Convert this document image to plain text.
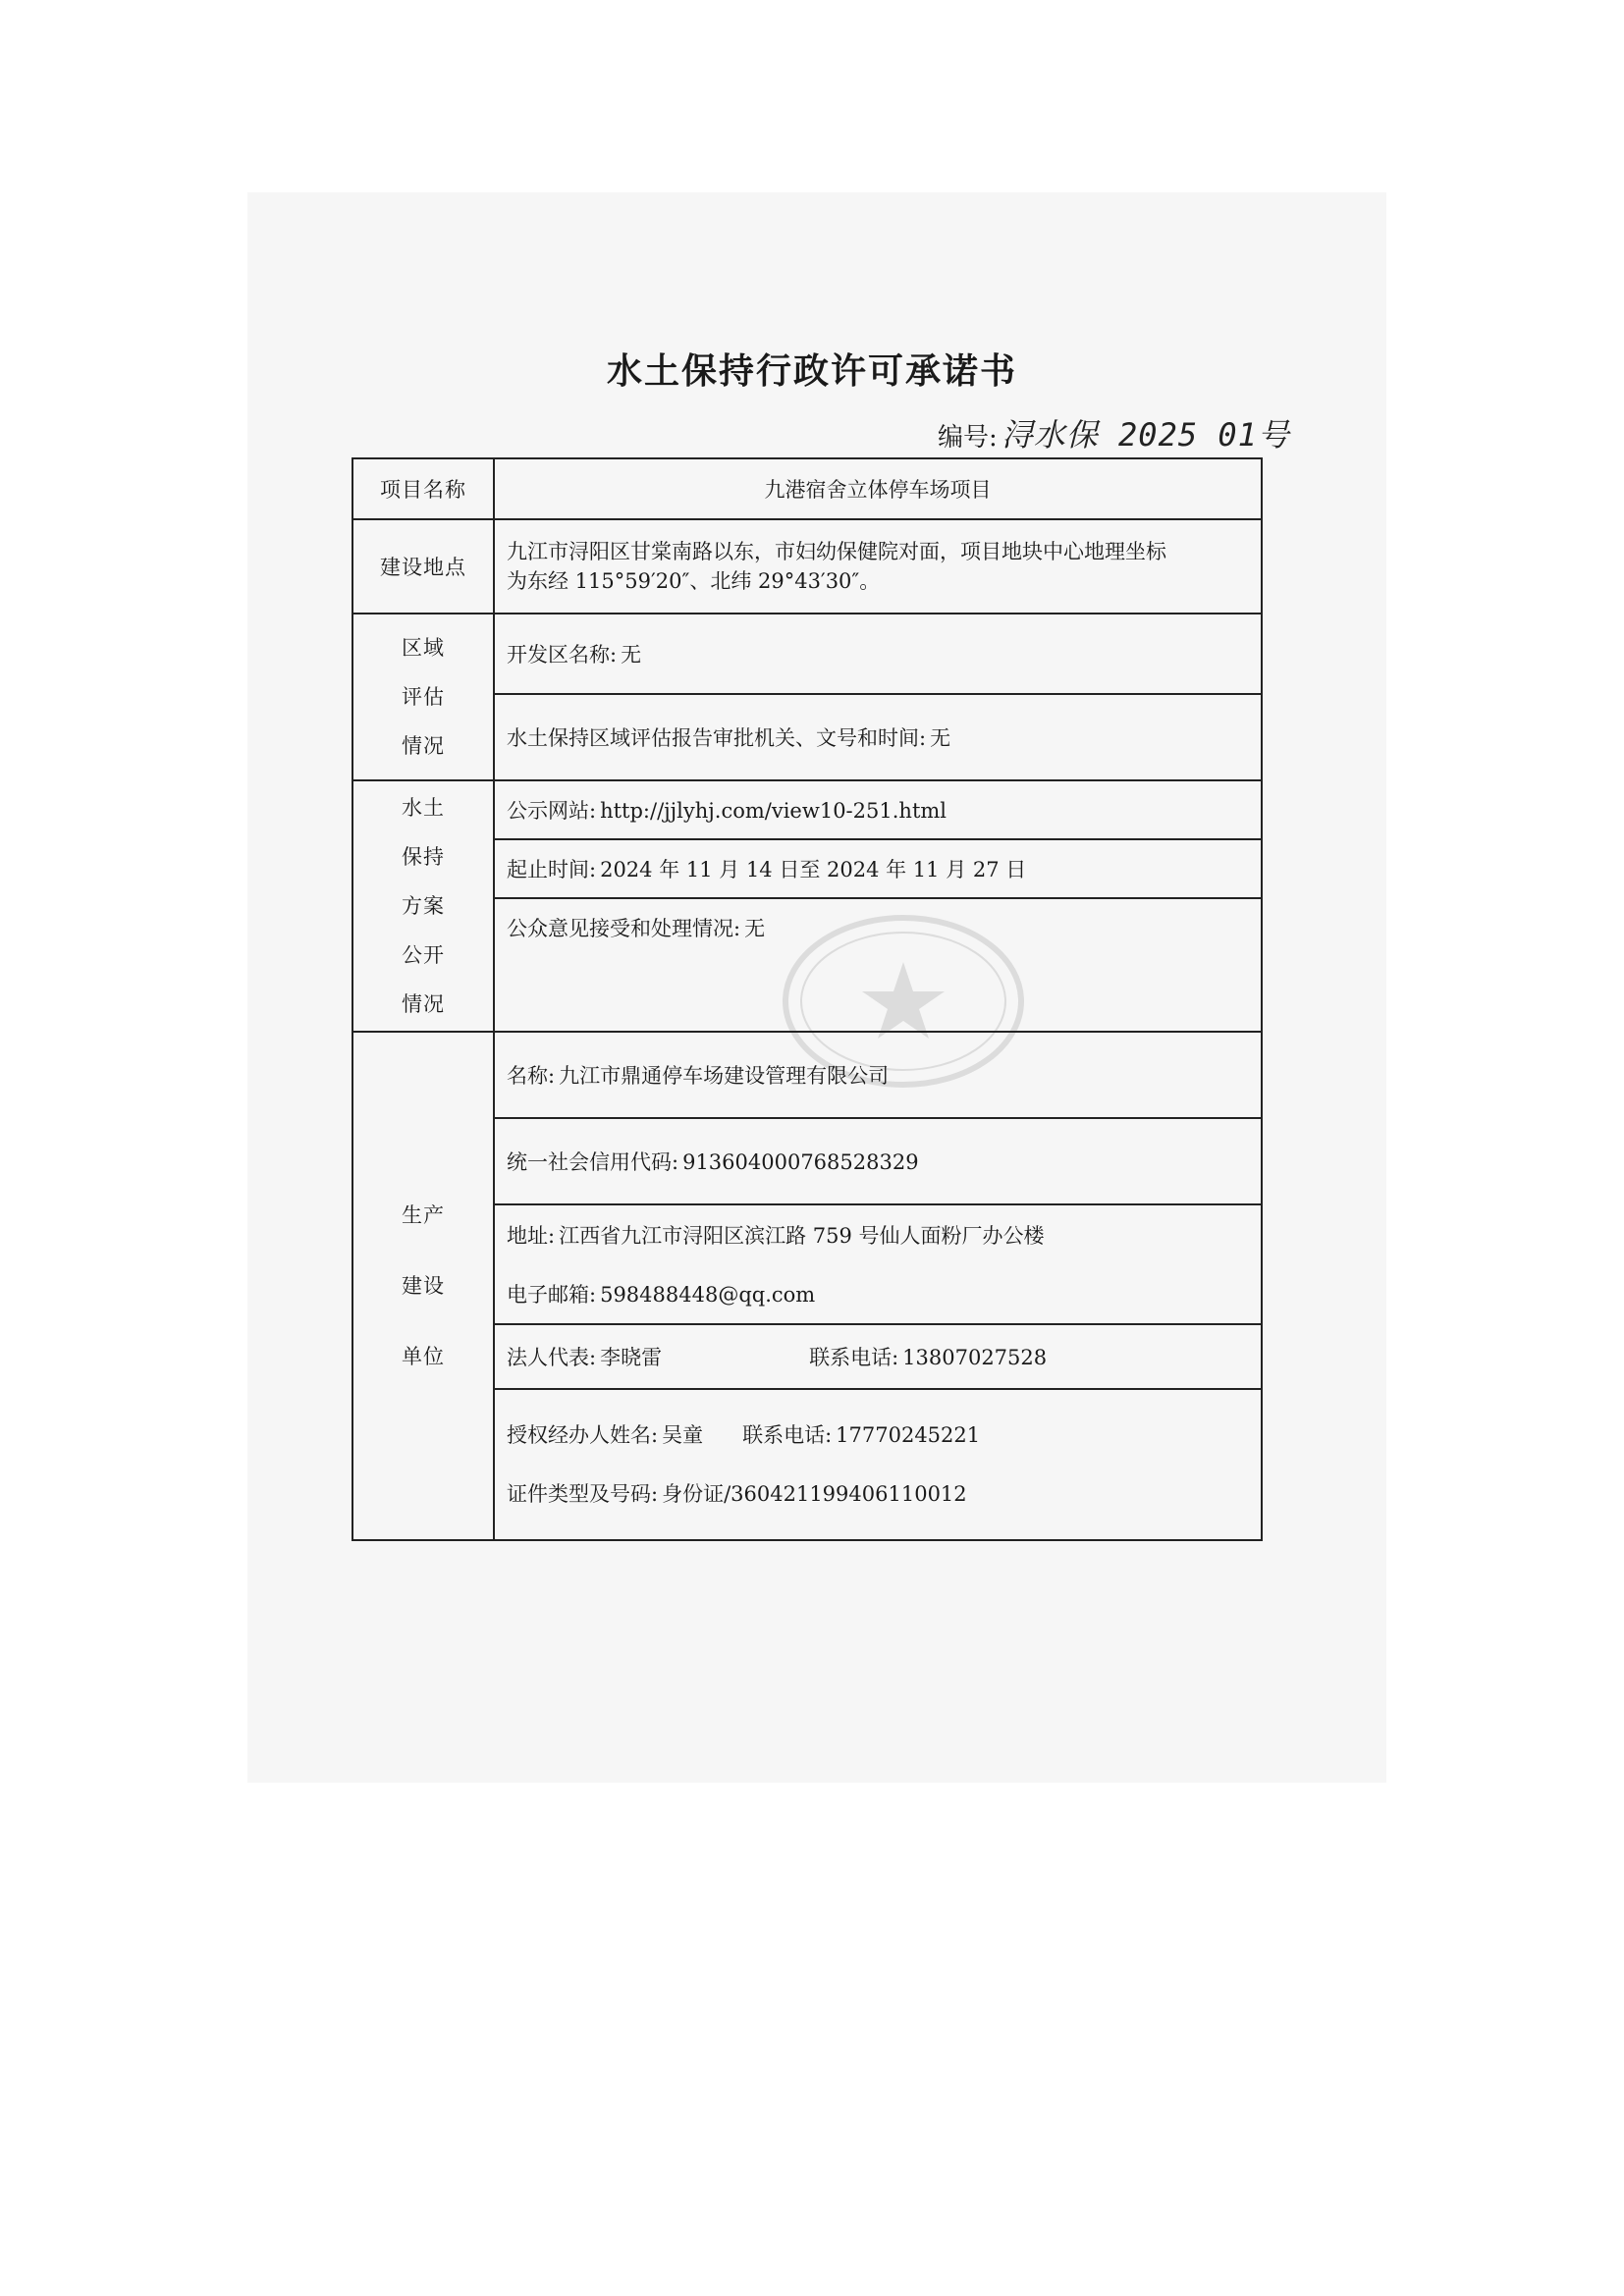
水土保持行政许可承诺书
编号: 浔水保 2025 01号
项目名称	九港宿舍立体停车场项目
建设地点	九江市浔阳区甘棠南路以东，市妇幼保健院对面，项目地块中心地理坐标
为东经 115°59′20″、北纬 29°43′30″。

区域
评估
情况	开发区名称: 无
	水土保持区域评估报告审批机关、文号和时间: 无

水土
保持
方案
公开
情况	公示网站: http://jjlyhj.com/view10-251.html
	起止时间: 2024 年 11 月 14 日至 2024 年 11 月 27 日
	公众意见接受和处理情况: 无

生产
建设
单位	名称: 九江市鼎通停车场建设管理有限公司
	统一社会信用代码: 913604000768528329
	地址: 江西省九江市浔阳区滨江路 759 号仙人面粉厂办公楼
	电子邮箱: 598488448@qq.com
	法人代表: 李晓雷 联系电话: 13807027528

	授权经办人姓名: 吴童 联系电话: 17770245221
证件类型及号码: 身份证/360421199406110012
